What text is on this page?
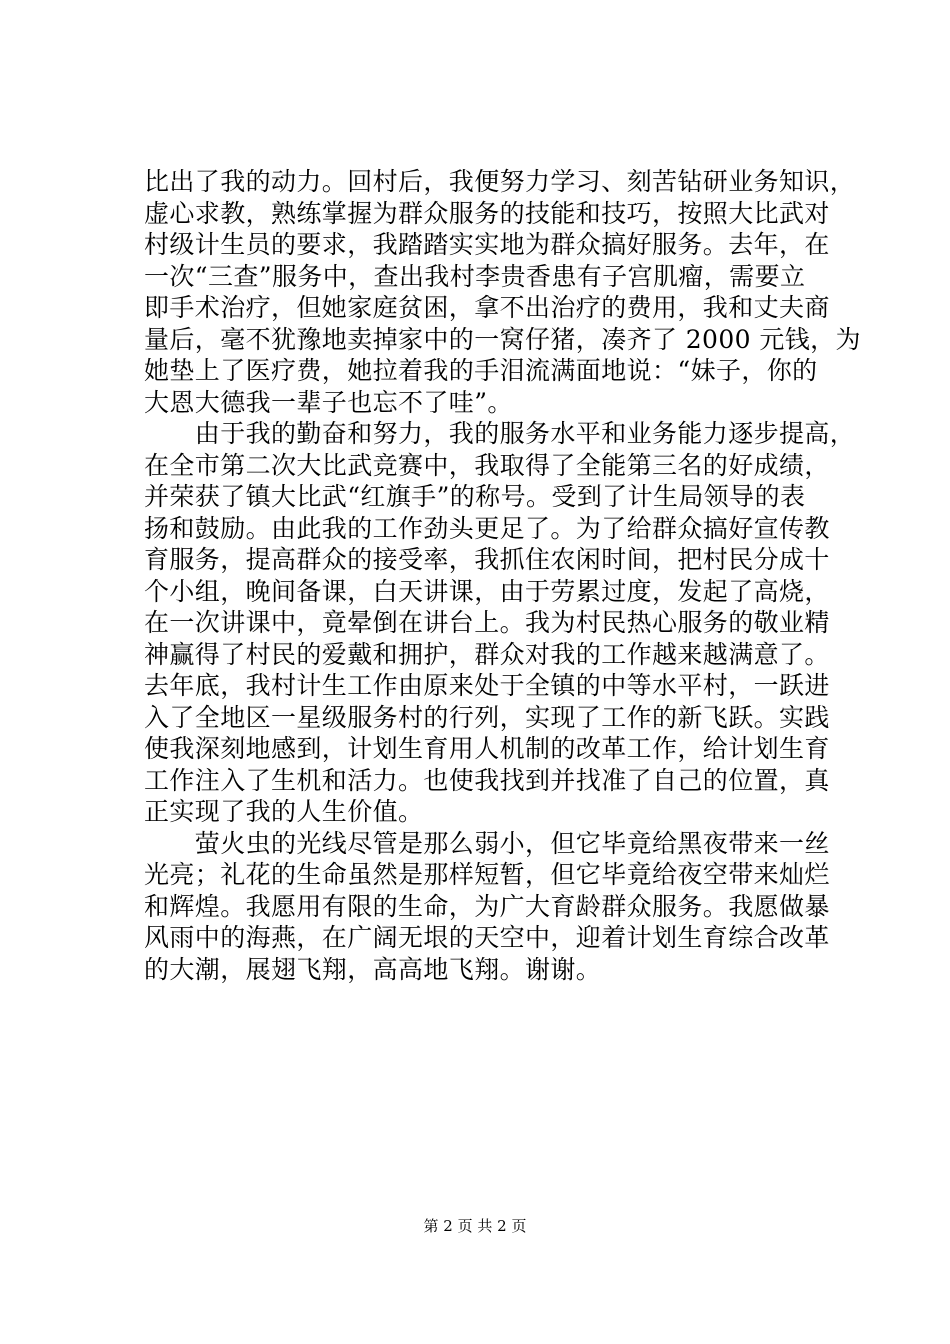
比出了我的动力。回村后，我便努力学习、刻苦钻研业务知识，
虚心求教，熟练掌握为群众服务的技能和技巧，按照大比武对
村级计生员的要求，我踏踏实实地为群众搞好服务。去年，在
一次“三查”服务中，查出我村李贵香患有子宫肌瘤，需要立
即手术治疗，但她家庭贫困，拿不出治疗的费用，我和丈夫商
量后，毫不犹豫地卖掉家中的一窝仔猪，凑齐了 2000 元钱，为
她垫上了医疗费，她拉着我的手泪流满面地说：“妹子，你的
大恩大德我一辈子也忘不了哇”。

　　由于我的勤奋和努力，我的服务水平和业务能力逐步提高，
在全市第二次大比武竞赛中，我取得了全能第三名的好成绩，
并荣获了镇大比武“红旗手”的称号。受到了计生局领导的表
扬和鼓励。由此我的工作劲头更足了。为了给群众搞好宣传教
育服务，提高群众的接受率，我抓住农闲时间，把村民分成十
个小组，晚间备课，白天讲课，由于劳累过度，发起了高烧，
在一次讲课中，竟晕倒在讲台上。我为村民热心服务的敬业精
神赢得了村民的爱戴和拥护，群众对我的工作越来越满意了。
去年底，我村计生工作由原来处于全镇的中等水平村，一跃进
入了全地区一星级服务村的行列，实现了工作的新飞跃。实践
使我深刻地感到，计划生育用人机制的改革工作，给计划生育
工作注入了生机和活力。也使我找到并找准了自己的位置，真
正实现了我的人生价值。

　　萤火虫的光线尽管是那么弱小，但它毕竟给黑夜带来一丝
光亮；礼花的生命虽然是那样短暂，但它毕竟给夜空带来灿烂
和辉煌。我愿用有限的生命，为广大育龄群众服务。我愿做暴
风雨中的海燕，在广阔无垠的天空中，迎着计划生育综合改革
的大潮，展翅飞翔，高高地飞翔。谢谢。

第 2 页 共 2 页
